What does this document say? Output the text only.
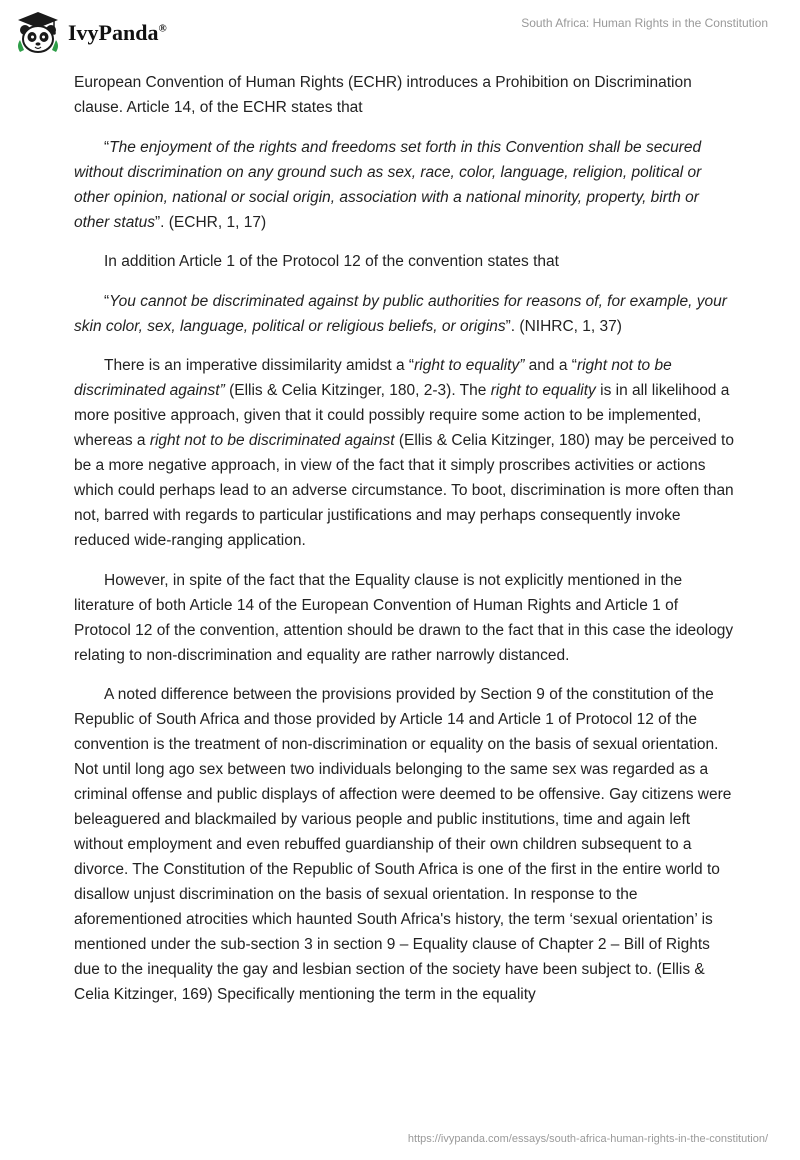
IvyPanda®	South Africa: Human Rights in the Constitution

European Convention of Human Rights (ECHR) introduces a Prohibition on Discrimination clause. Article 14, of the ECHR states that

“The enjoyment of the rights and freedoms set forth in this Convention shall be secured without discrimination on any ground such as sex, race, color, language, religion, political or other opinion, national or social origin, association with a national minority, property, birth or other status”. (ECHR, 1, 17)

In addition Article 1 of the Protocol 12 of the convention states that

“You cannot be discriminated against by public authorities for reasons of, for example, your skin color, sex, language, political or religious beliefs, or origins”. (NIHRC, 1, 37)

There is an imperative dissimilarity amidst a “right to equality” and a “right not to be discriminated against” (Ellis & Celia Kitzinger, 180, 2-3). The right to equality is in all likelihood a more positive approach, given that it could possibly require some action to be implemented, whereas a right not to be discriminated against (Ellis & Celia Kitzinger, 180) may be perceived to be a more negative approach, in view of the fact that it simply proscribes activities or actions which could perhaps lead to an adverse circumstance. To boot, discrimination is more often than not, barred with regards to particular justifications and may perhaps consequently invoke reduced wide-ranging application.

However, in spite of the fact that the Equality clause is not explicitly mentioned in the literature of both Article 14 of the European Convention of Human Rights and Article 1 of Protocol 12 of the convention, attention should be drawn to the fact that in this case the ideology relating to non-discrimination and equality are rather narrowly distanced.

A noted difference between the provisions provided by Section 9 of the constitution of the Republic of South Africa and those provided by Article 14 and Article 1 of Protocol 12 of the convention is the treatment of non-discrimination or equality on the basis of sexual orientation. Not until long ago sex between two individuals belonging to the same sex was regarded as a criminal offense and public displays of affection were deemed to be offensive. Gay citizens were beleaguered and blackmailed by various people and public institutions, time and again left without employment and even rebuffed guardianship of their own children subsequent to a divorce. The Constitution of the Republic of South Africa is one of the first in the entire world to disallow unjust discrimination on the basis of sexual orientation. In response to the aforementioned atrocities which haunted South Africa's history, the term ‘sexual orientation’ is mentioned under the sub-section 3 in section 9 – Equality clause of Chapter 2 – Bill of Rights due to the inequality the gay and lesbian section of the society have been subject to. (Ellis & Celia Kitzinger, 169) Specifically mentioning the term in the equality

https://ivypanda.com/essays/south-africa-human-rights-in-the-constitution/
